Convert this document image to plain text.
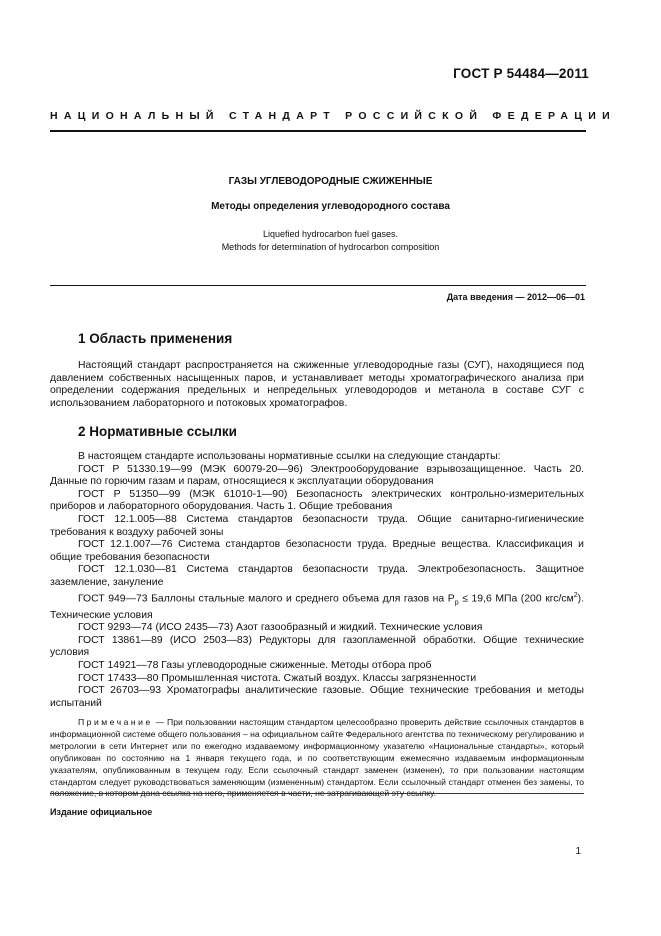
ГОСТ Р 54484—2011
НАЦИОНАЛЬНЫЙ СТАНДАРТ РОССИЙСКОЙ ФЕДЕРАЦИИ
ГАЗЫ УГЛЕВОДОРОДНЫЕ СЖИЖЕННЫЕ
Методы определения углеводородного состава
Liquefied hydrocarbon fuel gases.
Methods for determination of hydrocarbon composition
Дата введения — 2012—06—01
1 Область применения

Настоящий стандарт распространяется на сжиженные углеводородные газы (СУГ), находящиеся под давлением собственных насыщенных паров, и устанавливает методы хроматографического анализа при определении содержания предельных и непредельных углеводородов и метанола в составе СУГ с использованием лабораторного и потоковых хроматографов.

2 Нормативные ссылки

В настоящем стандарте использованы нормативные ссылки на следующие стандарты:

ГОСТ Р 51330.19—99 (МЭК 60079-20—96) Электрооборудование взрывозащищенное. Часть 20. Данные по горючим газам и парам, относящиеся к эксплуатации оборудования

ГОСТ Р 51350—99 (МЭК 61010-1—90) Безопасность электрических контрольно-измерительных приборов и лабораторного оборудования. Часть 1. Общие требования

ГОСТ 12.1.005—88 Система стандартов безопасности труда. Общие санитарно-гигиенические требования к воздуху рабочей зоны

ГОСТ 12.1.007—76 Система стандартов безопасности труда. Вредные вещества. Классификация и общие требования безопасности

ГОСТ 12.1.030—81 Система стандартов безопасности труда. Электробезопасность. Защитное заземление, зануление

ГОСТ 949—73 Баллоны стальные малого и среднего объема для газов на $P_р \le 19,6$ МПа (200 кгс/$см^2$). Технические условия

ГОСТ 9293—74 (ИСО 2435—73) Азот газообразный и жидкий. Технические условия

ГОСТ 13861—89 (ИСО 2503—83) Редукторы для газопламенной обработки. Общие технические условия

ГОСТ 14921—78 Газы углеводородные сжиженные. Методы отбора проб

ГОСТ 17433—80 Промышленная чистота. Сжатый воздух. Классы загрязненности

ГОСТ 26703—93 Хроматографы аналитические газовые. Общие технические требования и методы испытаний

Примечание — При пользовании настоящим стандартом целесообразно проверить действие ссылочных стандартов в информационной системе общего пользования – на официальном сайте Федерального агентства по техническому регулированию и метрологии в сети Интернет или по ежегодно издаваемому информационному указателю «Национальные стандарты», который опубликован по состоянию на 1 января текущего года, и по соответствующим ежемесячно издаваемым информационным указателям, опубликованным в текущем году. Если ссылочный стандарт заменен (изменен), то при пользовании настоящим стандартом следует руководствоваться заменяющим (измененным) стандартом. Если ссылочный стандарт отменен без замены, то положение, в котором дана ссылка на него, применяется в части, не затрагивающей эту ссылку.

Издание официальное
1
